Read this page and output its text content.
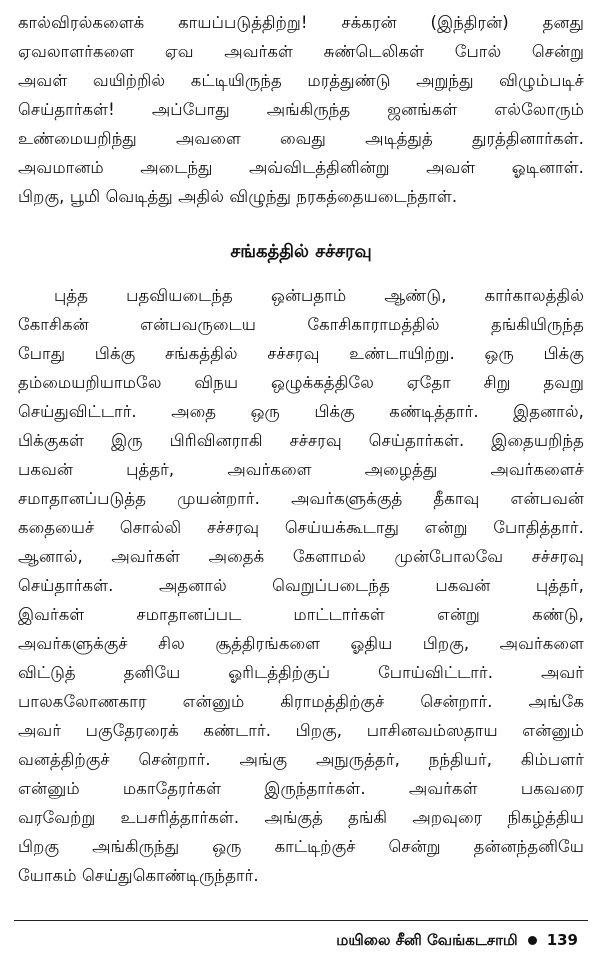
கால்விரல்களைக் காயப்படுத்திற்று! சக்கரன் (இந்திரன்) தனது
ஏவலாளர்களை ஏவ அவர்கள் சுண்டெலிகள் போல் சென்று
அவள் வயிற்றில் கட்டியிருந்த மரத்துண்டு அறுந்து விழும்படிச்
செய்தார்கள்! அப்போது அங்கிருந்த ஜனங்கள் எல்லோரும்
உண்மையறிந்து அவளை வைது அடித்துத் துரத்தினார்கள்.
அவமானம் அடைந்து அவ்விடத்தினின்று அவள் ஓடினாள்.
பிறகு, பூமி வெடித்து அதில் விழுந்து நரகத்தையடைந்தாள்.
சங்கத்தில் சச்சரவு
புத்த பதவியடைந்த ஒன்பதாம் ஆண்டு, கார்காலத்தில்
கோசிகன் என்பவருடைய கோசிகாராமத்தில் தங்கியிருந்த
போது பிக்கு சங்கத்தில் சச்சரவு உண்டாயிற்று. ஒரு பிக்கு
தம்மையறியாமலே விநய ஒழுக்கத்திலே ஏதோ சிறு தவறு
செய்துவிட்டார். அதை ஒரு பிக்கு கண்டித்தார். இதனால்,
பிக்குகள் இரு பிரிவினராகி சச்சரவு செய்தார்கள். இதையறிந்த
பகவன் புத்தர், அவர்களை அழைத்து அவர்களைச்
சமாதானப்படுத்த முயன்றார். அவர்களுக்குத் தீகாவு என்பவன்
கதையைச் சொல்லி சச்சரவு செய்யக்கூடாது என்று போதித்தார்.
ஆனால், அவர்கள் அதைக் கேளாமல் முன்போலவே சச்சரவு
செய்தார்கள். அதனால் வெறுப்படைந்த பகவன் புத்தர்,
இவர்கள் சமாதானப்பட மாட்டார்கள் என்று கண்டு,
அவர்களுக்குச் சில சூத்திரங்களை ஓதிய பிறகு, அவர்களை
விட்டுத் தனியே ஓரிடத்திற்குப் போய்விட்டார். அவர்
பாலகலோணகார என்னும் கிராமத்திற்குச் சென்றார். அங்கே
அவர் பகுதேரரைக் கண்டார். பிறகு, பாசினவம்ஸதாய என்னும்
வனத்திற்குச் சென்றார். அங்கு அநுருத்தர், நந்தியர், கிம்பளர்
என்னும் மகாதேரர்கள் இருந்தார்கள். அவர்கள் பகவரை
வரவேற்று உபசரித்தார்கள். அங்குத் தங்கி அறவுரை நிகழ்த்திய
பிறகு அங்கிருந்து ஒரு காட்டிற்குச் சென்று தன்னந்தனியே
யோகம் செய்துகொண்டிருந்தார்.
மயிலை சீனி வேங்கடசாமி 139
